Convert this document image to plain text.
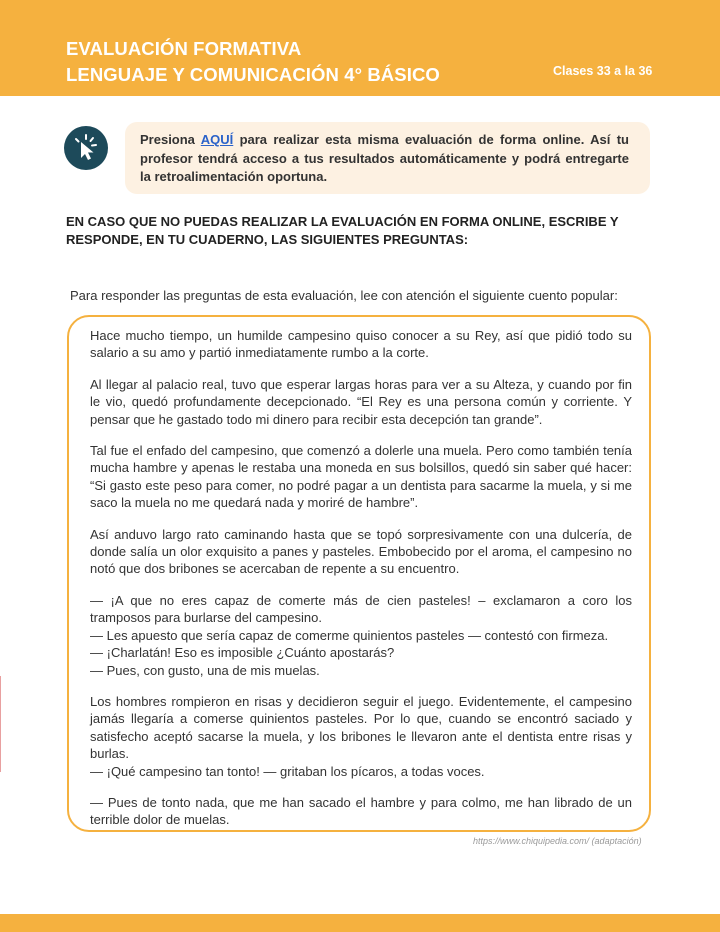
EVALUACIÓN FORMATIVA
LENGUAJE Y COMUNICACIÓN 4° BÁSICO	Clases 33 a la 36
Presiona AQUÍ para realizar esta misma evaluación de forma online. Así tu profesor tendrá acceso a tus resultados automáticamente y podrá entregarte la retroalimentación oportuna.
EN CASO QUE NO PUEDAS REALIZAR LA EVALUACIÓN EN FORMA ONLINE, ESCRIBE Y RESPONDE, EN TU CUADERNO, LAS SIGUIENTES PREGUNTAS:
Para responder las preguntas de esta evaluación, lee con atención el siguiente cuento popular:

Hace mucho tiempo, un humilde campesino quiso conocer a su Rey, así que pidió todo su salario a su amo y partió inmediatamente rumbo a la corte.

Al llegar al palacio real, tuvo que esperar largas horas para ver a su Alteza, y cuando por fin le vio, quedó profundamente decepcionado. “El Rey es una persona común y corriente. Y pensar que he gastado todo mi dinero para recibir esta decepción tan grande”.

Tal fue el enfado del campesino, que comenzó a dolerle una muela. Pero como también tenía mucha hambre y apenas le restaba una moneda en sus bolsillos, quedó sin saber qué hacer: “Si gasto este peso para comer, no podré pagar a un dentista para sacarme la muela, y si me saco la muela no me quedará nada y moriré de hambre”.

Así anduvo largo rato caminando hasta que se topó sorpresivamente con una dulcería, de donde salía un olor exquisito a panes y pasteles. Embobecido por el aroma, el campesino no notó que dos bribones se acercaban de repente a su encuentro.

— ¡A que no eres capaz de comerte más de cien pasteles! – exclamaron a coro los tramposos para burlarse del campesino.

— Les apuesto que sería capaz de comerme quinientos pasteles — contestó con firmeza.

— ¡Charlatán! Eso es imposible ¿Cuánto apostarás?

— Pues, con gusto, una de mis muelas.

Los hombres rompieron en risas y decidieron seguir el juego. Evidentemente, el campesino jamás llegaría a comerse quinientos pasteles. Por lo que, cuando se encontró saciado y satisfecho aceptó sacarse la muela, y los bribones le llevaron ante el dentista entre risas y burlas.

— ¡Qué campesino tan tonto! — gritaban los pícaros, a todas voces.

— Pues de tonto nada, que me han sacado el hambre y para colmo, me han librado de un terrible dolor de muelas.

https://www.chiquipedia.com/ (adaptación)
